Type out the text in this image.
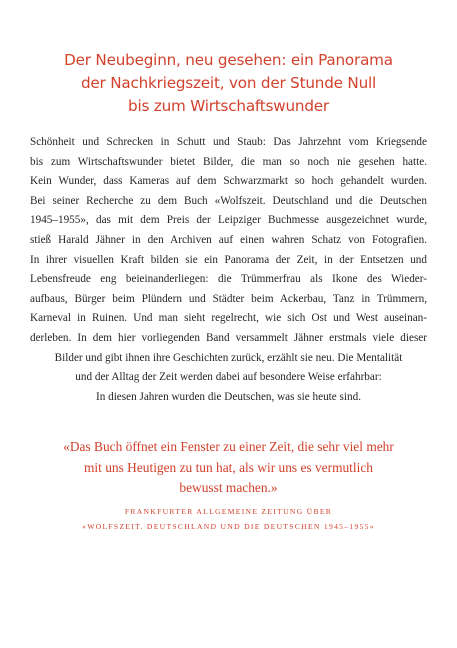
Der Neubeginn, neu gesehen: ein Panorama
der Nachkriegszeit, von der Stunde Null
bis zum Wirtschaftswunder
Schönheit und Schrecken in Schutt und Staub: Das Jahrzehnt vom Kriegsende
bis zum Wirtschaftswunder bietet Bilder, die man so noch nie gesehen hatte.
Kein Wunder, dass Kameras auf dem Schwarzmarkt so hoch gehandelt wurden.
Bei seiner Recherche zu dem Buch «Wolfszeit. Deutschland und die Deutschen
1945–1955», das mit dem Preis der Leipziger Buchmesse ausgezeichnet wurde,
stieß Harald Jähner in den Archiven auf einen wahren Schatz von Fotografien.
In ihrer visuellen Kraft bilden sie ein Panorama der Zeit, in der Entsetzen und
Lebensfreude eng beieinanderliegen: die Trümmerfrau als Ikone des Wieder-
aufbaus, Bürger beim Plündern und Städter beim Ackerbau, Tanz in Trümmern,
Karneval in Ruinen. Und man sieht regelrecht, wie sich Ost und West auseinan-
derleben. In dem hier vorliegenden Band versammelt Jähner erstmals viele dieser
Bilder und gibt ihnen ihre Geschichten zurück, erzählt sie neu. Die Mentalität
und der Alltag der Zeit werden dabei auf besondere Weise erfahrbar:
In diesen Jahren wurden die Deutschen, was sie heute sind.
«Das Buch öffnet ein Fenster zu einer Zeit, die sehr viel mehr
mit uns Heutigen zu tun hat, als wir uns es vermutlich
bewusst machen.»
FRANKFURTER ALLGEMEINE ZEITUNG ÜBER
«WOLFSZEIT. DEUTSCHLAND UND DIE DEUTSCHEN 1945–1955»
